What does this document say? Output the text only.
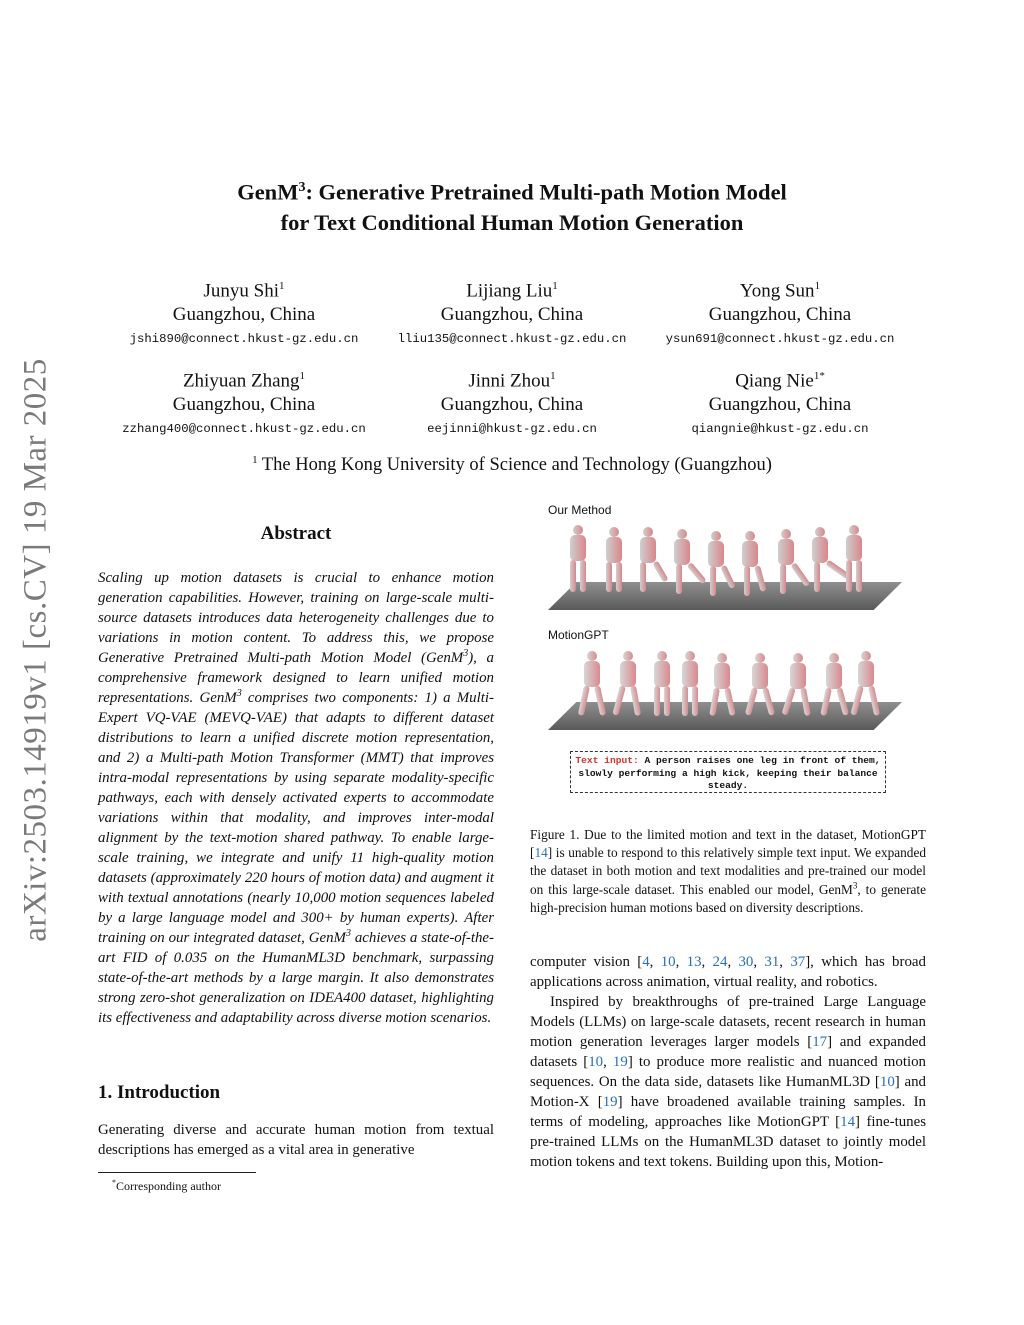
arXiv:2503.14919v1 [cs.CV] 19 Mar 2025
GenM$^3$: Generative Pretrained Multi-path Motion Model
for Text Conditional Human Motion Generation
Junyu Shi$^1$
Guangzhou, China
jshi890@connect.hkust-gz.edu.cn
Lijiang Liu$^1$
Guangzhou, China
lliu135@connect.hkust-gz.edu.cn
Yong Sun$^1$
Guangzhou, China
ysun691@connect.hkust-gz.edu.cn
Zhiyuan Zhang$^1$
Guangzhou, China
zzhang400@connect.hkust-gz.edu.cn
Jinni Zhou$^1$
Guangzhou, China
eejinni@hkust-gz.edu.cn
Qiang Nie$^{1*}$
Guangzhou, China
qiangnie@hkust-gz.edu.cn
$^1$ The Hong Kong University of Science and Technology (Guangzhou)
Abstract
Scaling up motion datasets is crucial to enhance motion generation capabilities. However, training on large-scale multi-source datasets introduces data heterogeneity challenges due to variations in motion content. To address this, we propose Generative Pretrained Multi-path Motion Model (GenM$^3$), a comprehensive framework designed to learn unified motion representations. GenM$^3$ comprises two components: 1) a Multi-Expert VQ-VAE (MEVQ-VAE) that adapts to different dataset distributions to learn a unified discrete motion representation, and 2) a Multi-path Motion Transformer (MMT) that improves intra-modal representations by using separate modality-specific pathways, each with densely activated experts to accommodate variations within that modality, and improves inter-modal alignment by the text-motion shared pathway. To enable large-scale training, we integrate and unify 11 high-quality motion datasets (approximately 220 hours of motion data) and augment it with textual annotations (nearly 10,000 motion sequences labeled by a large language model and 300+ by human experts). After training on our integrated dataset, GenM$^3$ achieves a state-of-the-art FID of 0.035 on the HumanML3D benchmark, surpassing state-of-the-art methods by a large margin. It also demonstrates strong zero-shot generalization on IDEA400 dataset, highlighting its effectiveness and adaptability across diverse motion scenarios.
1. Introduction

Generating diverse and accurate human motion from textual descriptions has emerged as a vital area in generative

*Corresponding author
Our Method
MotionGPT
Text input: A person raises one leg in front of them, slowly performing a high kick, keeping their balance steady.
Figure 1. Due to the limited motion and text in the dataset, MotionGPT [14] is unable to respond to this relatively simple text input. We expanded the dataset in both motion and text modalities and pre-trained our model on this large-scale dataset. This enabled our model, GenM$^3$, to generate high-precision human motions based on diversity descriptions.

computer vision [4, 10, 13, 24, 30, 31, 37], which has broad applications across animation, virtual reality, and robotics.

Inspired by breakthroughs of pre-trained Large Language Models (LLMs) on large-scale datasets, recent research in human motion generation leverages larger models [17] and expanded datasets [10, 19] to produce more realistic and nuanced motion sequences. On the data side, datasets like HumanML3D [10] and Motion-X [19] have broadened available training samples. In terms of modeling, approaches like MotionGPT [14] fine-tunes pre-trained LLMs on the HumanML3D dataset to jointly model motion tokens and text tokens. Building upon this, Motion-
